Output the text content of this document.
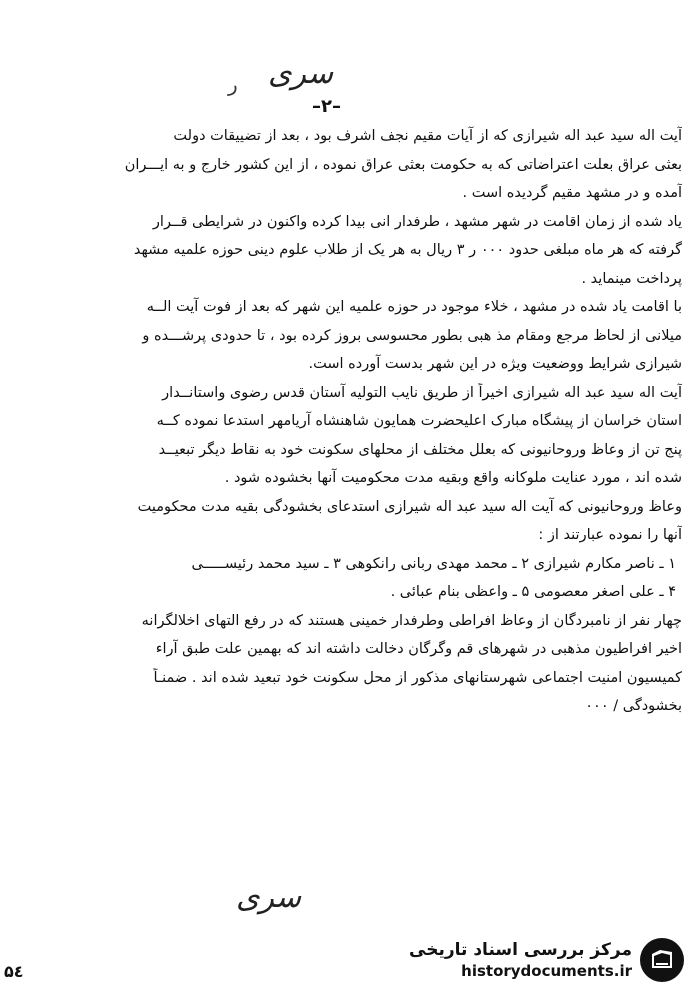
سری
ر
–۲–

آیت اله سید عبد اله شیرازی که از آیات مقیم نجف اشرف بود ، بعد از تضییقات دولت

بعثی عراق بعلت اعتراضاتی که به حکومت بعثی عراق نموده ، از این کشور خارج و به ایـــران

آمده و در مشهد مقیم گردیده است .

یاد شده از زمان اقامت در شهر مشهد ، طرفدار انی بیدا کرده واکنون در شرایطی قــرار

گرفته که هر ماه مبلغی حدود ۰۰۰ ر ۳ ریال به هر یک از طلاب علوم دینی حوزه علمیه مشهد

پرداخت مینماید .

با اقامت یاد شده در مشهد ، خلاء موجود در حوزه علمیه این شهر که بعد از فوت آیت الــه

میلانی از لحاظ مرجع ومقام مذ هبی بطور محسوسی بروز کرده بود ، تا حدودی پرشـــده و

شیرازی شرایط ووضعیت ویژه در این شهر بدست آورده است.

آیت اله سید عبد اله شیرازی اخیراً از طریق نایب التولیه آستان قدس رضوی واستانــدار

استان خراسان از پیشگاه مبارک اعلیحضرت همایون شاهنشاه آریامهر استدعا نموده کــه

پنج تن از وعاظ وروحانیونی که بعلل مختلف از محلهای سکونت خود به نقاط دیگر تبعیــد

شده اند ، مورد عنایت ملوکانه واقع وبقیه مدت محکومیت آنها بخشوده شود .

وعاظ وروحانیونی که آیت اله سید عبد اله شیرازی استدعای بخشودگی بقیه مدت محکومیت

آنها را نموده عبارتند از :

۱ ـ ناصر مکارم شیرازی ۲ ـ محمد مهدی ربانی رانکوهی ۳ ـ سید محمد رئیســـــی

۴ ـ علی اصغر معصومی ۵ ـ واعظی بنام عبائی .

چهار نفر از نامبردگان از وعاظ افراطی وطرفدار خمینی هستند که در رفع التهای اخلالگرانه

اخیر افراطیون مذهبی در شهرهای قم وگرگان دخالت داشته اند که بهمین علت طبق آراء

کمیسیون امنیت اجتماعی شهرستانهای مذکور از محل سکونت خود تبعید شده اند . ضمنـاً

بخشودگی / ۰۰۰

سری
۵٤
مرکز بررسی اسناد تاریخی
historydocuments.ir
